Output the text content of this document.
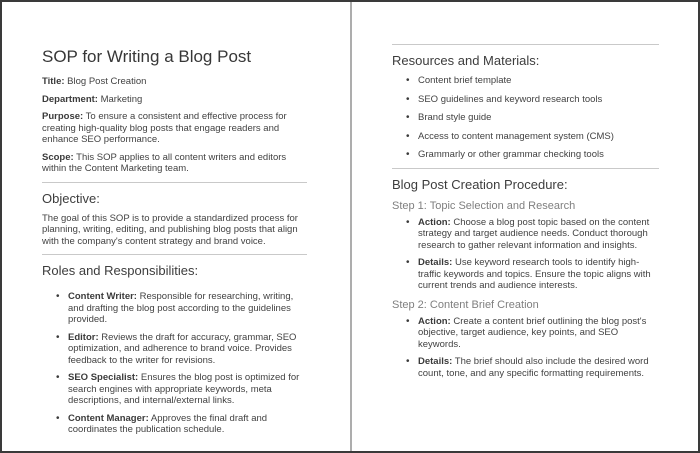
SOP for Writing a Blog Post

Title: Blog Post Creation

Department: Marketing

Purpose: To ensure a consistent and effective process for creating high-quality blog posts that engage readers and enhance SEO performance.

Scope: This SOP applies to all content writers and editors within the Content Marketing team.

Objective:

The goal of this SOP is to provide a standardized process for planning, writing, editing, and publishing blog posts that align with the company's content strategy and brand voice.

Roles and Responsibilities:
• Content Writer: Responsible for researching, writing, and drafting the blog post according to the guidelines provided.
• Editor: Reviews the draft for accuracy, grammar, SEO optimization, and adherence to brand voice. Provides feedback to the writer for revisions.
• SEO Specialist: Ensures the blog post is optimized for search engines with appropriate keywords, meta descriptions, and internal/external links.
• Content Manager: Approves the final draft and coordinates the publication schedule.
Resources and Materials:
• Content brief template
• SEO guidelines and keyword research tools
• Brand style guide
• Access to content management system (CMS)
• Grammarly or other grammar checking tools
Blog Post Creation Procedure:
Step 1: Topic Selection and Research
• Action: Choose a blog post topic based on the content strategy and target audience needs. Conduct thorough research to gather relevant information and insights.
• Details: Use keyword research tools to identify high-traffic keywords and topics. Ensure the topic aligns with current trends and audience interests.
Step 2: Content Brief Creation
• Action: Create a content brief outlining the blog post's objective, target audience, key points, and SEO keywords.
• Details: The brief should also include the desired word count, tone, and any specific formatting requirements.
